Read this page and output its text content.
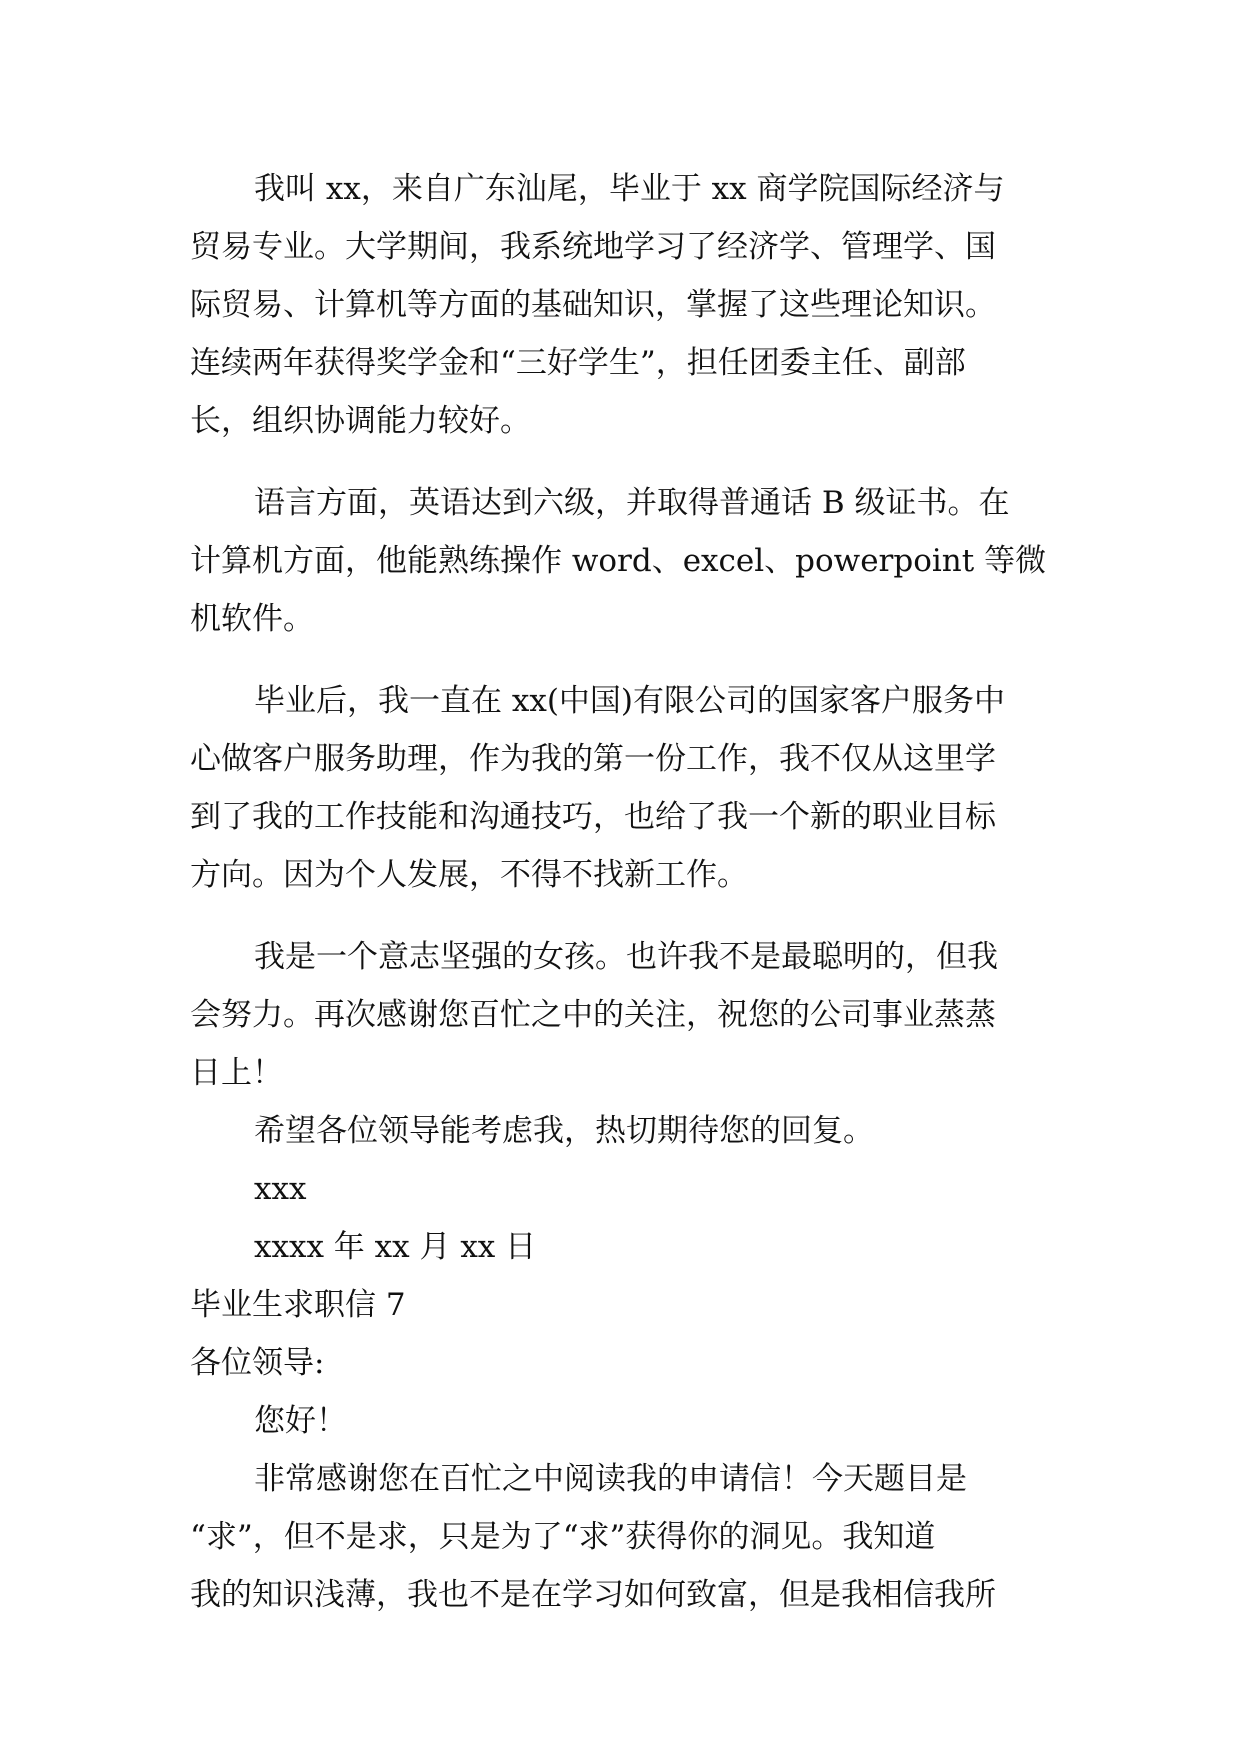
我叫 xx，来自广东汕尾，毕业于 xx 商学院国际经济与
贸易专业。大学期间，我系统地学习了经济学、管理学、国
际贸易、计算机等方面的基础知识，掌握了这些理论知识。
连续两年获得奖学金和“三好学生”，担任团委主任、副部
长，组织协调能力较好。
语言方面，英语达到六级，并取得普通话 B 级证书。在
计算机方面，他能熟练操作 word、excel、powerpoint 等微
机软件。
毕业后，我一直在 xx(中国)有限公司的国家客户服务中
心做客户服务助理，作为我的第一份工作，我不仅从这里学
到了我的工作技能和沟通技巧，也给了我一个新的职业目标
方向。因为个人发展，不得不找新工作。
我是一个意志坚强的女孩。也许我不是最聪明的，但我
会努力。再次感谢您百忙之中的关注，祝您的公司事业蒸蒸
日上！
希望各位领导能考虑我，热切期待您的回复。
xxx
xxxx 年 xx 月 xx 日
毕业生求职信 7
各位领导:
您好！
非常感谢您在百忙之中阅读我的申请信！今天题目是
“求”，但不是求，只是为了“求”获得你的洞见。我知道
我的知识浅薄，我也不是在学习如何致富，但是我相信我所
